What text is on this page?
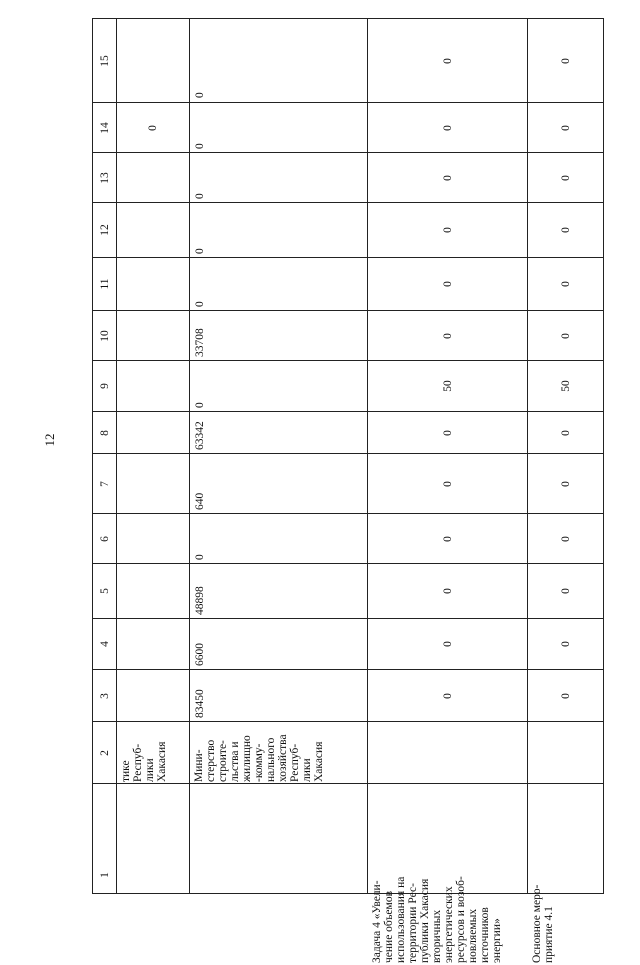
12
1
2
3
4
5
6
7
8
9
10
11
12
13
14
15
тике
Респуб-
лики
Хакасия
0
Мини-
стерство
строите-
льства и
жилищно
-комму-
нального
хозяйства
Респуб-
лики
Хакасия
83450
6600
48898
0
640
63342
0
33708
0
0
0
0
0
Задача 4 «Увели-
чение объемов
использования на
территории Рес-
публики Хакасия
вторичных
энергетических
ресурсов и возоб-
новляемых
источников
энергии»
0
0
0
0
0
0
50
0
0
0
0
0
0
Основное меро-
приятие 4.1
0
0
0
0
0
0
50
0
0
0
0
0
0
